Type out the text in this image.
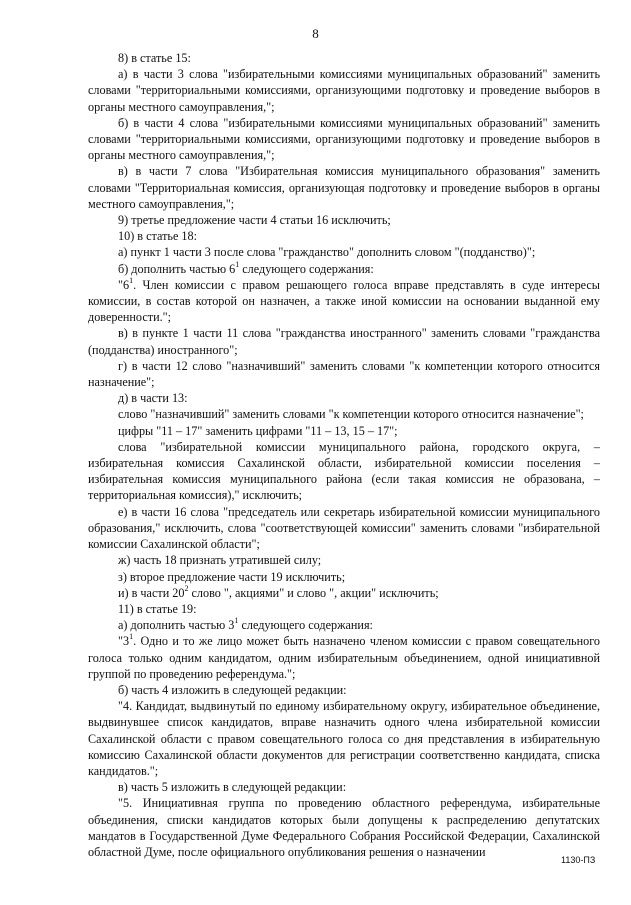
8

8) в статье 15:

а) в части 3 слова "избирательными комиссиями муниципальных образований" заменить словами "территориальными комиссиями, организующими подготовку и проведение выборов в органы местного самоуправления,";

б) в части 4 слова "избирательными комиссиями муниципальных образований" заменить словами "территориальными комиссиями, организующими подготовку и проведение выборов в органы местного самоуправления,";

в) в части 7 слова "Избирательная комиссия муниципального образования" заменить словами "Территориальная комиссия, организующая подготовку и проведение выборов в органы местного самоуправления,";

9) третье предложение части 4 статьи 16 исключить;

10) в статье 18:

а) пункт 1 части 3 после слова "гражданство" дополнить словом "(подданство)";

б) дополнить частью $6^1$ следующего содержания:

"$6^1$. Член комиссии с правом решающего голоса вправе представлять в суде интересы комиссии, в состав которой он назначен, а также иной комиссии на основании выданной ему доверенности.";

в) в пункте 1 части 11 слова "гражданства иностранного" заменить словами "гражданства (подданства) иностранного";

г) в части 12 слово "назначивший" заменить словами "к компетенции которого относится назначение";

д) в части 13:

слово "назначивший" заменить словами "к компетенции которого относится назначение";

цифры "11 – 17" заменить цифрами "11 – 13, 15 – 17";

слова "избирательной комиссии муниципального района, городского округа, – избирательная комиссия Сахалинской области, избирательной комиссии поселения – избирательная комиссия муниципального района (если такая комиссия не образована, – территориальная комиссия)," исключить;

е) в части 16 слова "председатель или секретарь избирательной комиссии муниципального образования," исключить, слова "соответствующей комиссии" заменить словами "избирательной комиссии Сахалинской области";

ж) часть 18 признать утратившей силу;

з) второе предложение части 19 исключить;

и) в части $20^2$ слово ", акциями" и слово ", акции" исключить;

11) в статье 19:

а) дополнить частью $3^1$ следующего содержания:

"$3^1$. Одно и то же лицо может быть назначено членом комиссии с правом совещательного голоса только одним кандидатом, одним избирательным объединением, одной инициативной группой по проведению референдума.";

б) часть 4 изложить в следующей редакции:

"4. Кандидат, выдвинутый по единому избирательному округу, избирательное объединение, выдвинувшее список кандидатов, вправе назначить одного члена избирательной комиссии Сахалинской области с правом совещательного голоса со дня представления в избирательную комиссию Сахалинской области документов для регистрации соответственно кандидата, списка кандидатов.";

в) часть 5 изложить в следующей редакции:

"5. Инициативная группа по проведению областного референдума, избирательные объединения, списки кандидатов которых были допущены к распределению депутатских мандатов в Государственной Думе Федерального Собрания Российской Федерации, Сахалинской областной Думе, после официального опубликования решения о назначении

1130-ПЗ
